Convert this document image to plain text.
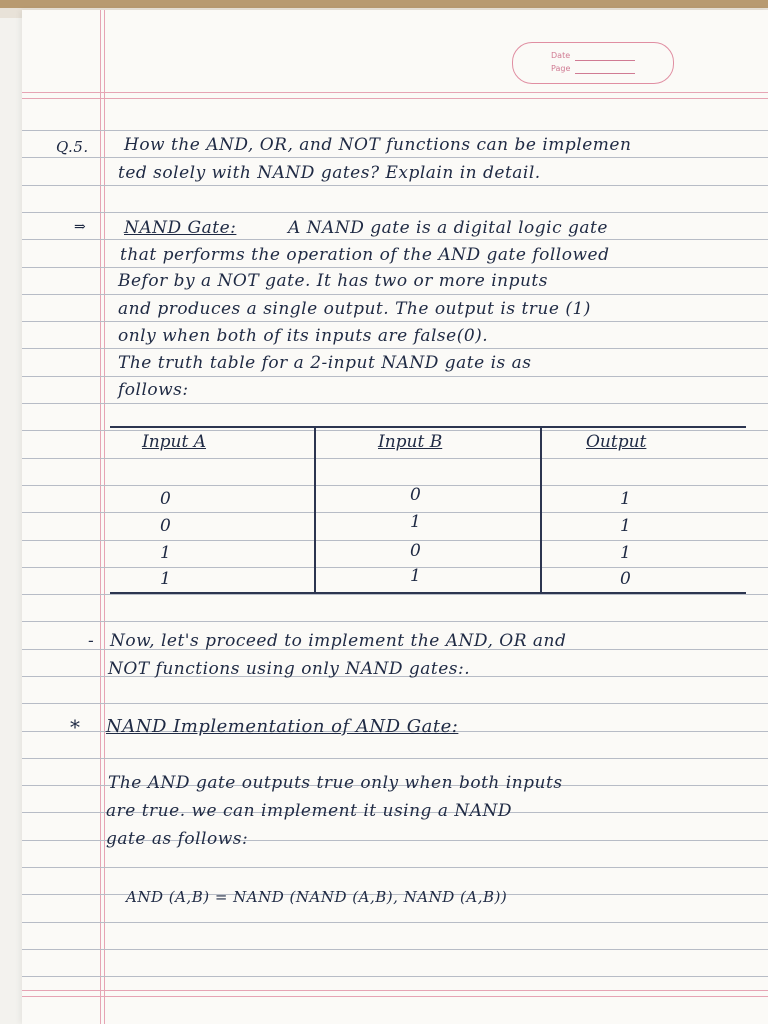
Date
Page
Q.5. How the AND, OR, and NOT functions can be implemen
ted solely with NAND gates? Explain in detail.
⇒ NAND Gate:	A NAND gate is a digital logic gate
that performs the operation of the AND gate followed
Befor by a NOT gate. It has two or more inputs
and produces a single output. The output is true (1)
only when both of its inputs are false(0).
The truth table for a 2-input NAND gate is as
follows:
Input A	Input B	Output
0	0	1
0	1	1
1	0	1
1	1	0
- Now, let's proceed to implement the AND, OR and
NOT functions using only NAND gates:.
* NAND Implementation of AND Gate:
The AND gate outputs true only when both inputs
are true. we can implement it using a NAND
gate as follows:
AND (A,B) = NAND (NAND (A,B), NAND (A,B))
